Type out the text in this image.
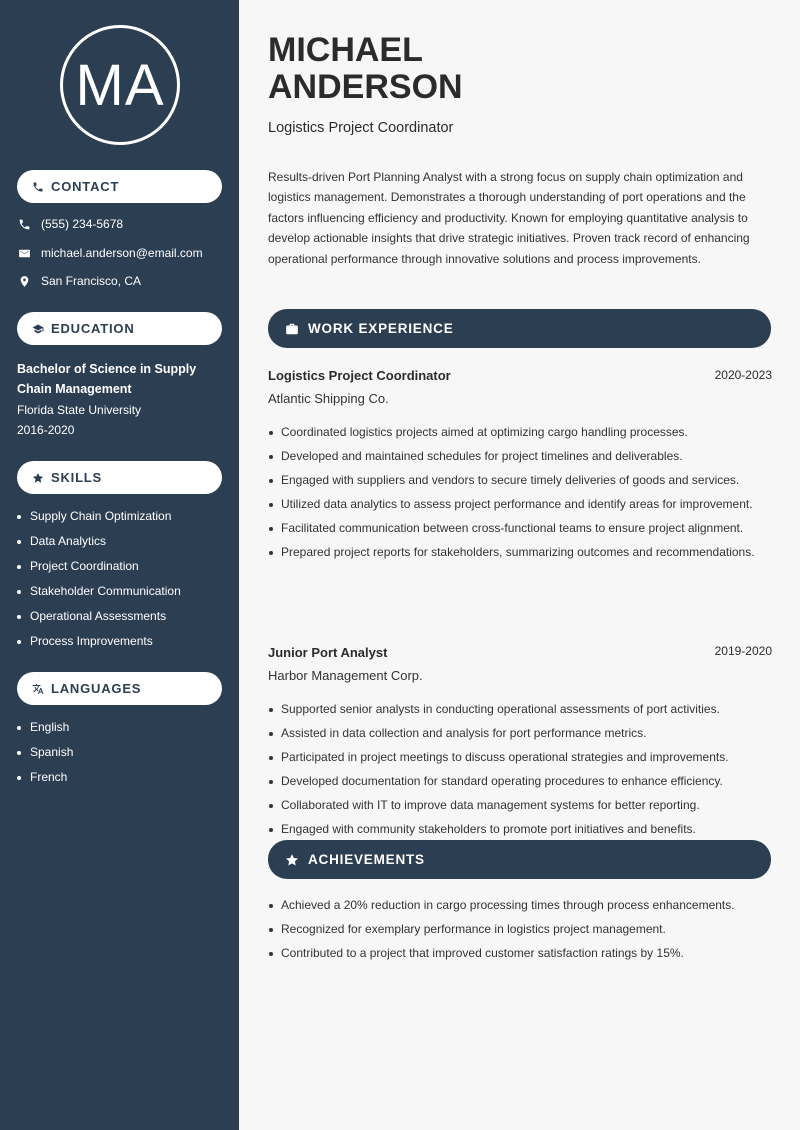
MA
CONTACT
(555) 234-5678
michael.anderson@email.com
San Francisco, CA
EDUCATION
Bachelor of Science in Supply Chain Management
Florida State University
2016-2020
SKILLS
Supply Chain Optimization
Data Analytics
Project Coordination
Stakeholder Communication
Operational Assessments
Process Improvements
LANGUAGES
English
Spanish
French
MICHAEL
ANDERSON
Logistics Project Coordinator
Results-driven Port Planning Analyst with a strong focus on supply chain optimization and logistics management. Demonstrates a thorough understanding of port operations and the factors influencing efficiency and productivity. Known for employing quantitative analysis to develop actionable insights that drive strategic initiatives. Proven track record of enhancing operational performance through innovative solutions and process improvements.
WORK EXPERIENCE
Logistics Project Coordinator	2020-2023
Atlantic Shipping Co.
Coordinated logistics projects aimed at optimizing cargo handling processes.
Developed and maintained schedules for project timelines and deliverables.
Engaged with suppliers and vendors to secure timely deliveries of goods and services.
Utilized data analytics to assess project performance and identify areas for improvement.
Facilitated communication between cross-functional teams to ensure project alignment.
Prepared project reports for stakeholders, summarizing outcomes and recommendations.
Junior Port Analyst	2019-2020
Harbor Management Corp.
Supported senior analysts in conducting operational assessments of port activities.
Assisted in data collection and analysis for port performance metrics.
Participated in project meetings to discuss operational strategies and improvements.
Developed documentation for standard operating procedures to enhance efficiency.
Collaborated with IT to improve data management systems for better reporting.
Engaged with community stakeholders to promote port initiatives and benefits.
ACHIEVEMENTS
Achieved a 20% reduction in cargo processing times through process enhancements.
Recognized for exemplary performance in logistics project management.
Contributed to a project that improved customer satisfaction ratings by 15%.
